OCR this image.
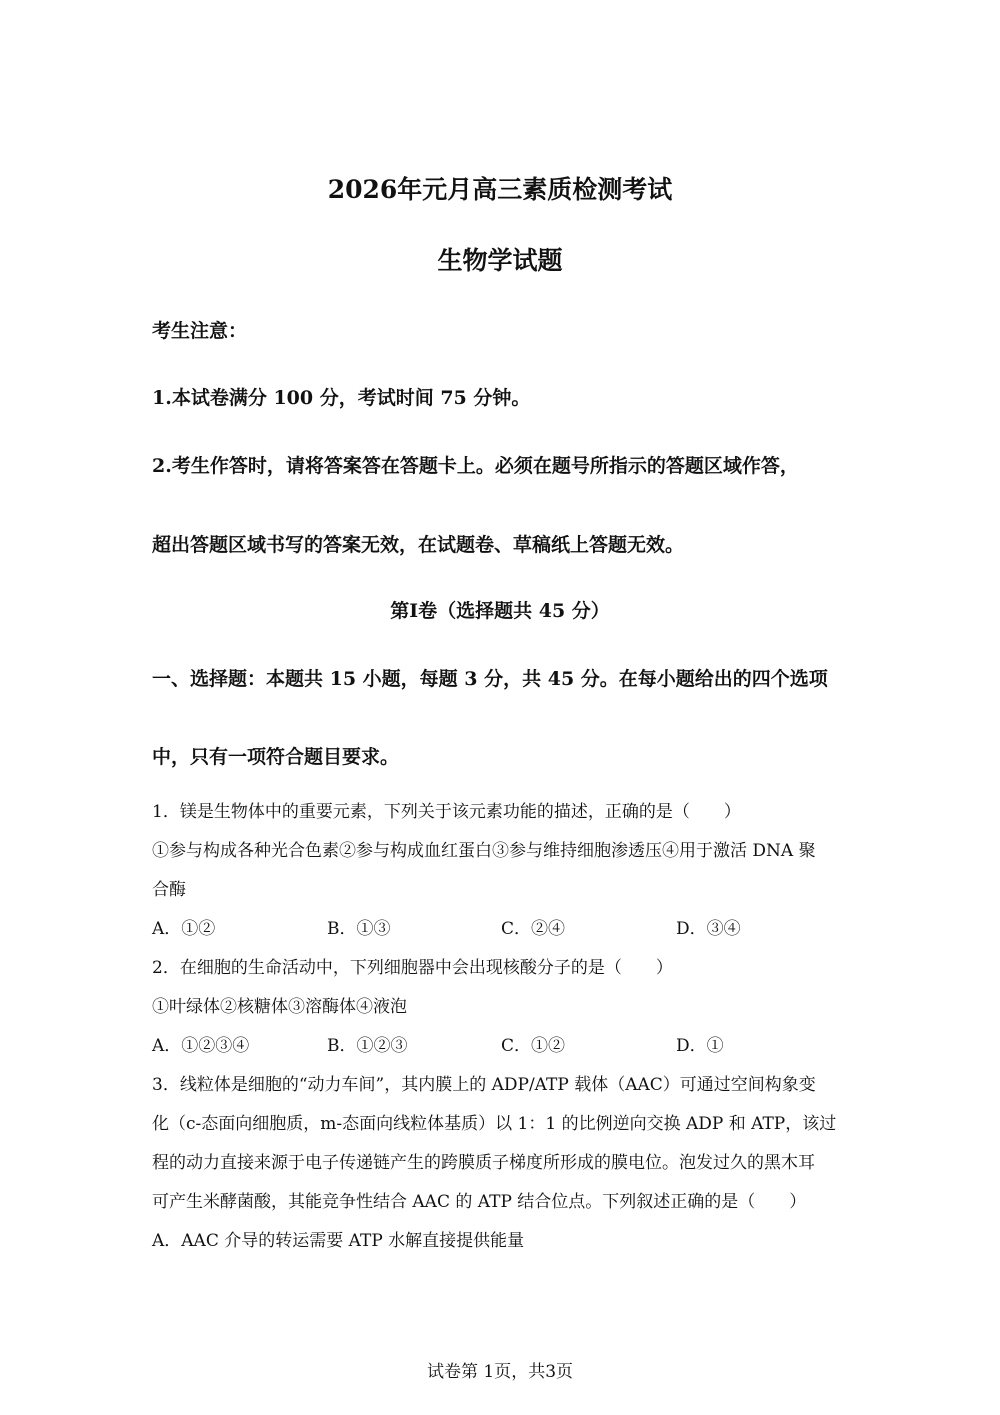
2026年元月高三素质检测考试
生物学试题
考生注意：
1.本试卷满分 100 分，考试时间 75 分钟。
2.考生作答时，请将答案答在答题卡上。必须在题号所指示的答题区域作答，
超出答题区域书写的答案无效，在试题卷、草稿纸上答题无效。
第Ⅰ卷（选择题共 45 分）
一、选择题：本题共 15 小题，每题 3 分，共 45 分。在每小题给出的四个选项
中，只有一项符合题目要求。
1．镁是生物体中的重要元素，下列关于该元素功能的描述，正确的是（　　）
①参与构成各种光合色素②参与构成血红蛋白③参与维持细胞渗透压④用于激活 DNA 聚
合酶
A．①②	B．①③	C．②④	D．③④
2．在细胞的生命活动中，下列细胞器中会出现核酸分子的是（　　）
①叶绿体②核糖体③溶酶体④液泡
A．①②③④	B．①②③	C．①②	D．①
3．线粒体是细胞的“动力车间”，其内膜上的 ADP/ATP 载体（AAC）可通过空间构象变
化（c-态面向细胞质，m-态面向线粒体基质）以 1：1 的比例逆向交换 ADP 和 ATP，该过
程的动力直接来源于电子传递链产生的跨膜质子梯度所形成的膜电位。泡发过久的黑木耳
可产生米酵菌酸，其能竞争性结合 AAC 的 ATP 结合位点。下列叙述正确的是（　　）
A．AAC 介导的转运需要 ATP 水解直接提供能量
试卷第 1页，共3页
